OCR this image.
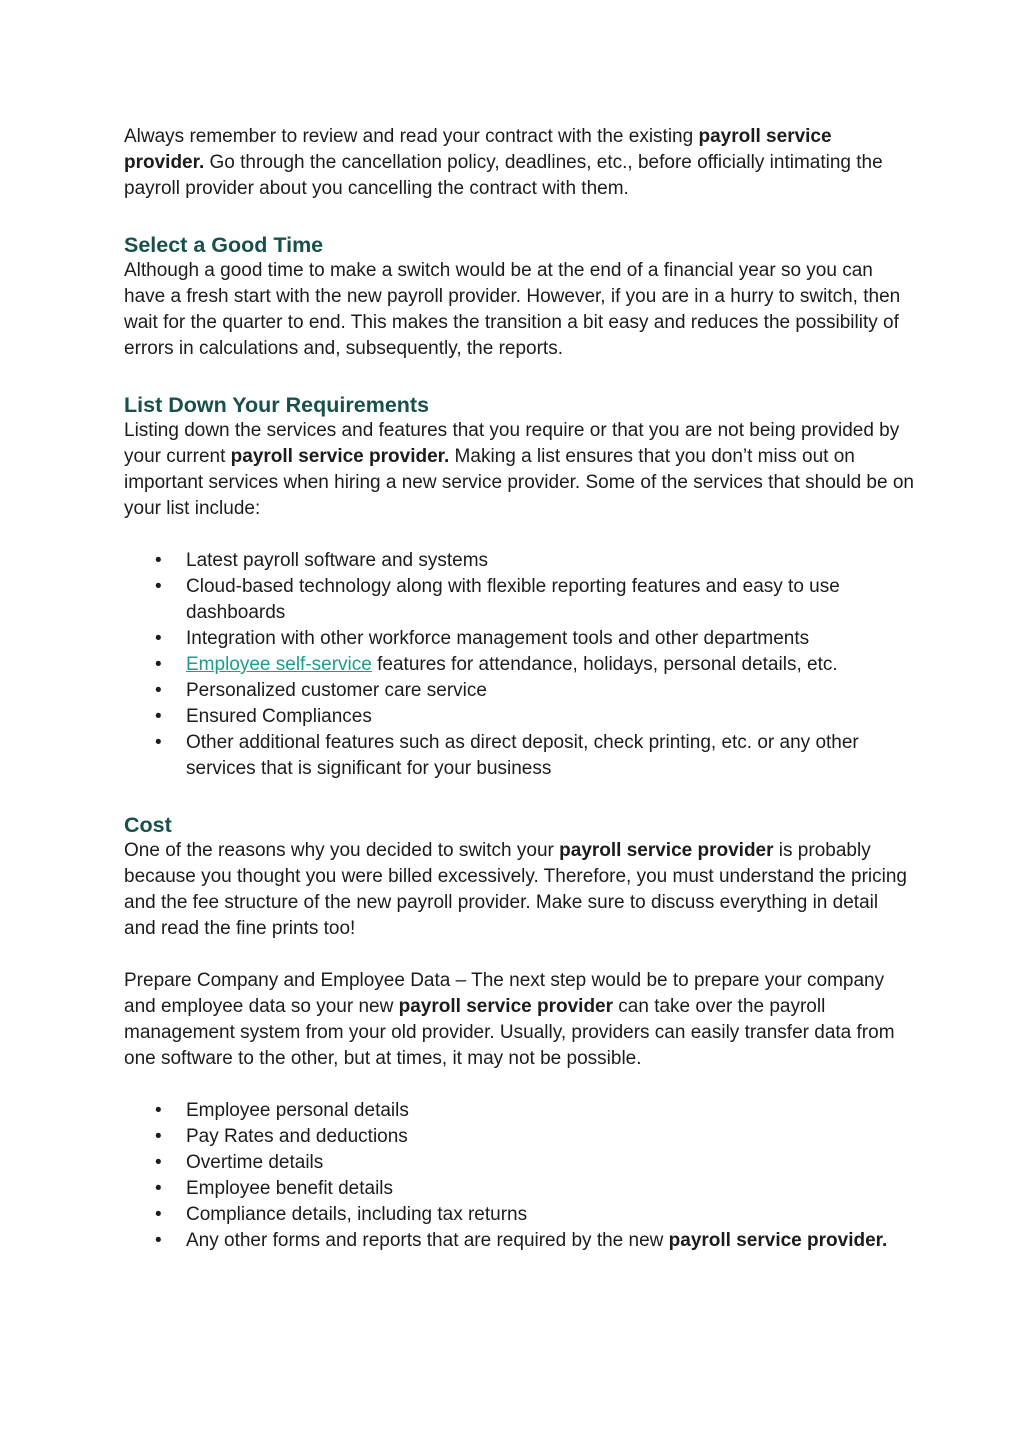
Always remember to review and read your contract with the existing payroll service provider. Go through the cancellation policy, deadlines, etc., before officially intimating the payroll provider about you cancelling the contract with them.

Select a Good Time

Although a good time to make a switch would be at the end of a financial year so you can have a fresh start with the new payroll provider. However, if you are in a hurry to switch, then wait for the quarter to end. This makes the transition a bit easy and reduces the possibility of errors in calculations and, subsequently, the reports.

List Down Your Requirements

Listing down the services and features that you require or that you are not being provided by your current payroll service provider. Making a list ensures that you don’t miss out on important services when hiring a new service provider. Some of the services that should be on your list include:

• Latest payroll software and systems
• Cloud-based technology along with flexible reporting features and easy to use dashboards
• Integration with other workforce management tools and other departments
• Employee self-service features for attendance, holidays, personal details, etc.
• Personalized customer care service
• Ensured Compliances
• Other additional features such as direct deposit, check printing, etc. or any other services that is significant for your business
Cost

One of the reasons why you decided to switch your payroll service provider is probably because you thought you were billed excessively. Therefore, you must understand the pricing and the fee structure of the new payroll provider. Make sure to discuss everything in detail and read the fine prints too!

Prepare Company and Employee Data – The next step would be to prepare your company and employee data so your new payroll service provider can take over the payroll management system from your old provider. Usually, providers can easily transfer data from one software to the other, but at times, it may not be possible.

• Employee personal details
• Pay Rates and deductions
• Overtime details
• Employee benefit details
• Compliance details, including tax returns
• Any other forms and reports that are required by the new payroll service provider.
